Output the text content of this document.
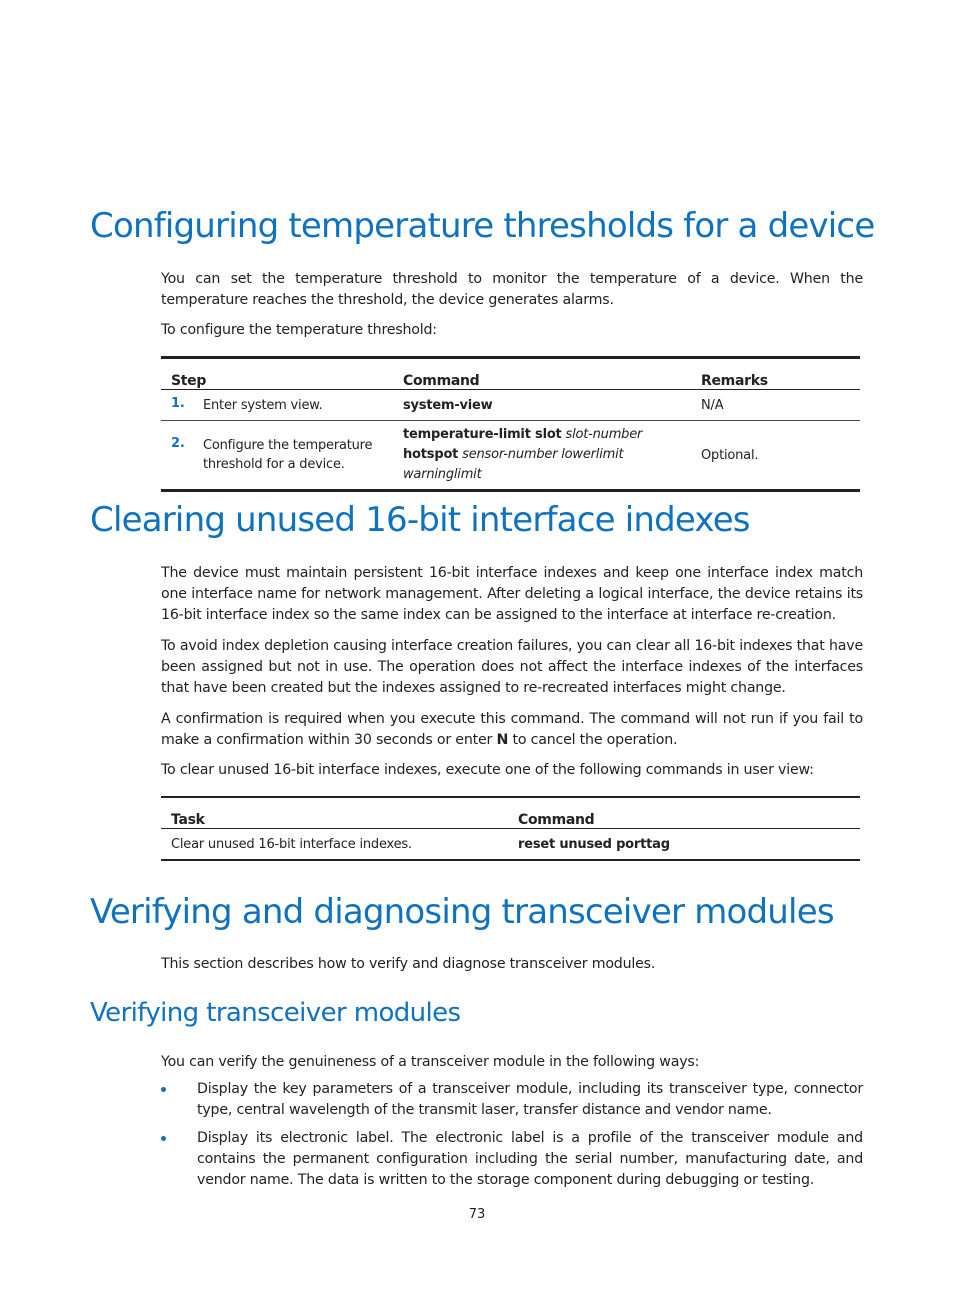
Configuring temperature thresholds for a device

You can set the temperature threshold to monitor the temperature of a device. When the temperature reaches the threshold, the device generates alarms.

To configure the temperature threshold:

Step	Command	Remarks
1. Enter system view.	system-view	N/A
2. Configure the temperature threshold for a device.	temperature-limit slot slot-number hotspot sensor-number lowerlimit warninglimit	Optional.
Clearing unused 16-bit interface indexes

The device must maintain persistent 16-bit interface indexes and keep one interface index match one interface name for network management. After deleting a logical interface, the device retains its 16-bit interface index so the same index can be assigned to the interface at interface re-creation.

To avoid index depletion causing interface creation failures, you can clear all 16-bit indexes that have been assigned but not in use. The operation does not affect the interface indexes of the interfaces that have been created but the indexes assigned to re-recreated interfaces might change.

A confirmation is required when you execute this command. The command will not run if you fail to make a confirmation within 30 seconds or enter N to cancel the operation.

To clear unused 16-bit interface indexes, execute one of the following commands in user view:

Task	Command
Clear unused 16-bit interface indexes.	reset unused porttag
Verifying and diagnosing transceiver modules

This section describes how to verify and diagnose transceiver modules.

Verifying transceiver modules

You can verify the genuineness of a transceiver module in the following ways:

Display the key parameters of a transceiver module, including its transceiver type, connector type, central wavelength of the transmit laser, transfer distance and vendor name.
Display its electronic label. The electronic label is a profile of the transceiver module and contains the permanent configuration including the serial number, manufacturing date, and vendor name. The data is written to the storage component during debugging or testing.
73
